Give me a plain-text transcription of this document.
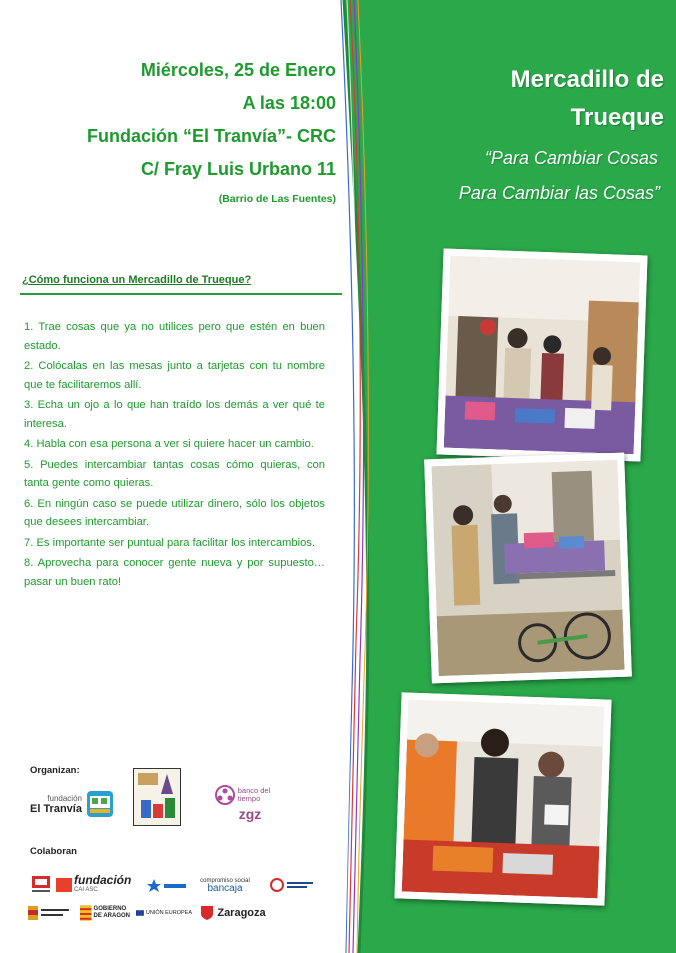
Miércoles, 25 de Enero
A las 18:00
Fundación “El Tranvía”- CRC
C/ Fray Luis Urbano 11
(Barrio de Las Fuentes)
Mercadillo de
Trueque
“Para Cambiar Cosas
Para Cambiar las Cosas”
¿Cómo funciona un Mercadillo de Trueque?
1. Trae cosas que ya no utilices pero que estén en buen estado.
2. Colócalas en las mesas junto a tarjetas con tu nombre que te facilitaremos allí.
3. Echa un ojo a lo que han traído los demás a ver qué te interesa.
4. Habla con esa persona a ver si quiere hacer un cambio.
5. Puedes intercambiar tantas cosas cómo quieras, con tanta gente como quieras.
6. En ningún caso se puede utilizar dinero, sólo los objetos que desees intercambiar.
7. Es importante ser puntual para facilitar los intercambios.
8. Aprovecha para conocer gente nueva y por supuesto… pasar un buen rato!
Organizan:
fundación
El Tranvía
banco del
tiempo
zgz
Colaboran
fundación
CAI ASC
compromiso social
bancaja
GOBIERNO
DE ARAGON	UNIÓN EUROPEA Zaragoza
